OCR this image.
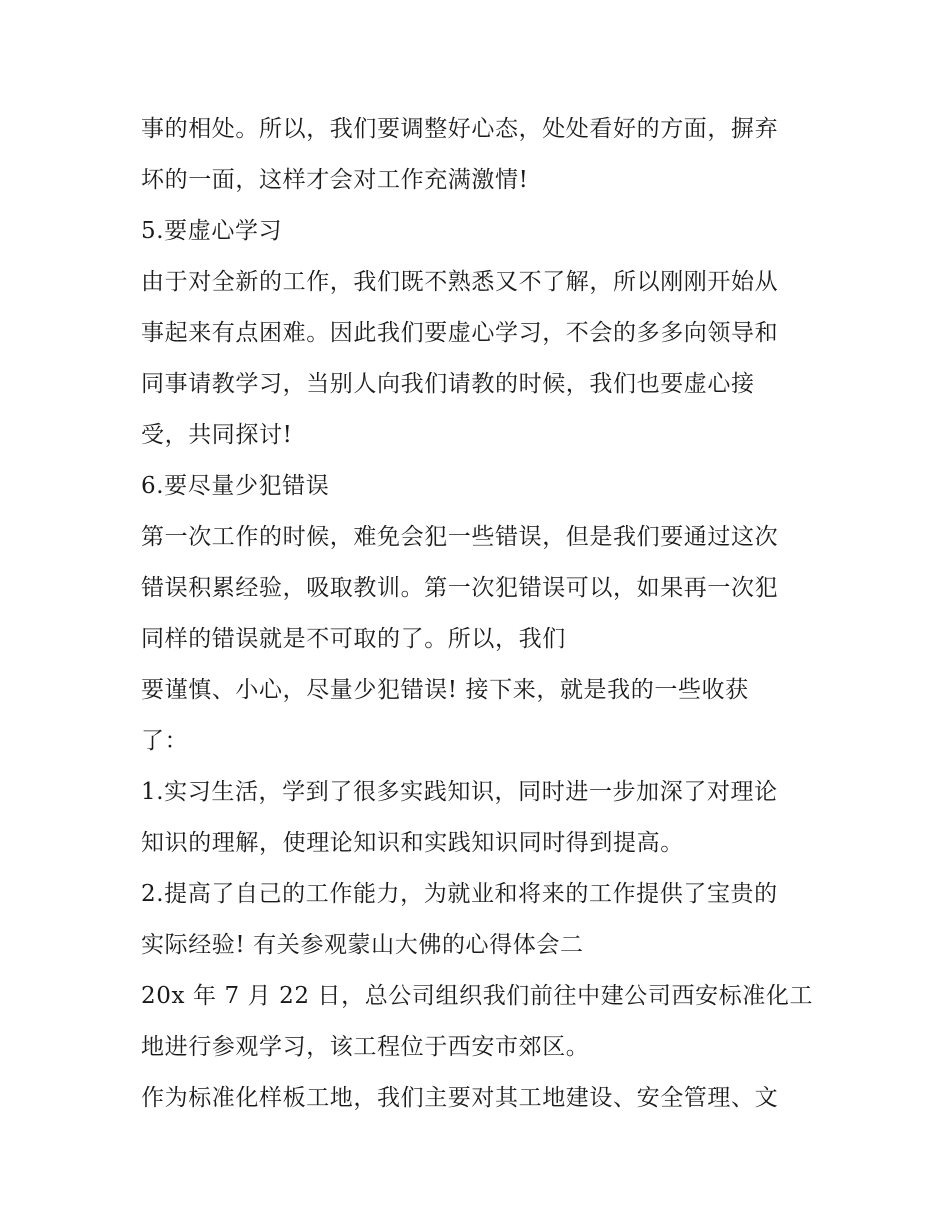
事的相处。所以，我们要调整好心态，处处看好的方面，摒弃
坏的一面，这样才会对工作充满激情!
5.要虚心学习
由于对全新的工作，我们既不熟悉又不了解，所以刚刚开始从
事起来有点困难。因此我们要虚心学习，不会的多多向领导和
同事请教学习，当别人向我们请教的时候，我们也要虚心接
受，共同探讨!
6.要尽量少犯错误
第一次工作的时候，难免会犯一些错误，但是我们要通过这次
错误积累经验，吸取教训。第一次犯错误可以，如果再一次犯
同样的错误就是不可取的了。所以，我们
要谨慎、小心，尽量少犯错误! 接下来，就是我的一些收获
了：
1.实习生活，学到了很多实践知识，同时进一步加深了对理论
知识的理解，使理论知识和实践知识同时得到提高。
2.提高了自己的工作能力，为就业和将来的工作提供了宝贵的
实际经验! 有关参观蒙山大佛的心得体会二
20x 年 7 月 22 日，总公司组织我们前往中建公司西安标准化工
地进行参观学习，该工程位于西安市郊区。
作为标准化样板工地，我们主要对其工地建设、安全管理、文
